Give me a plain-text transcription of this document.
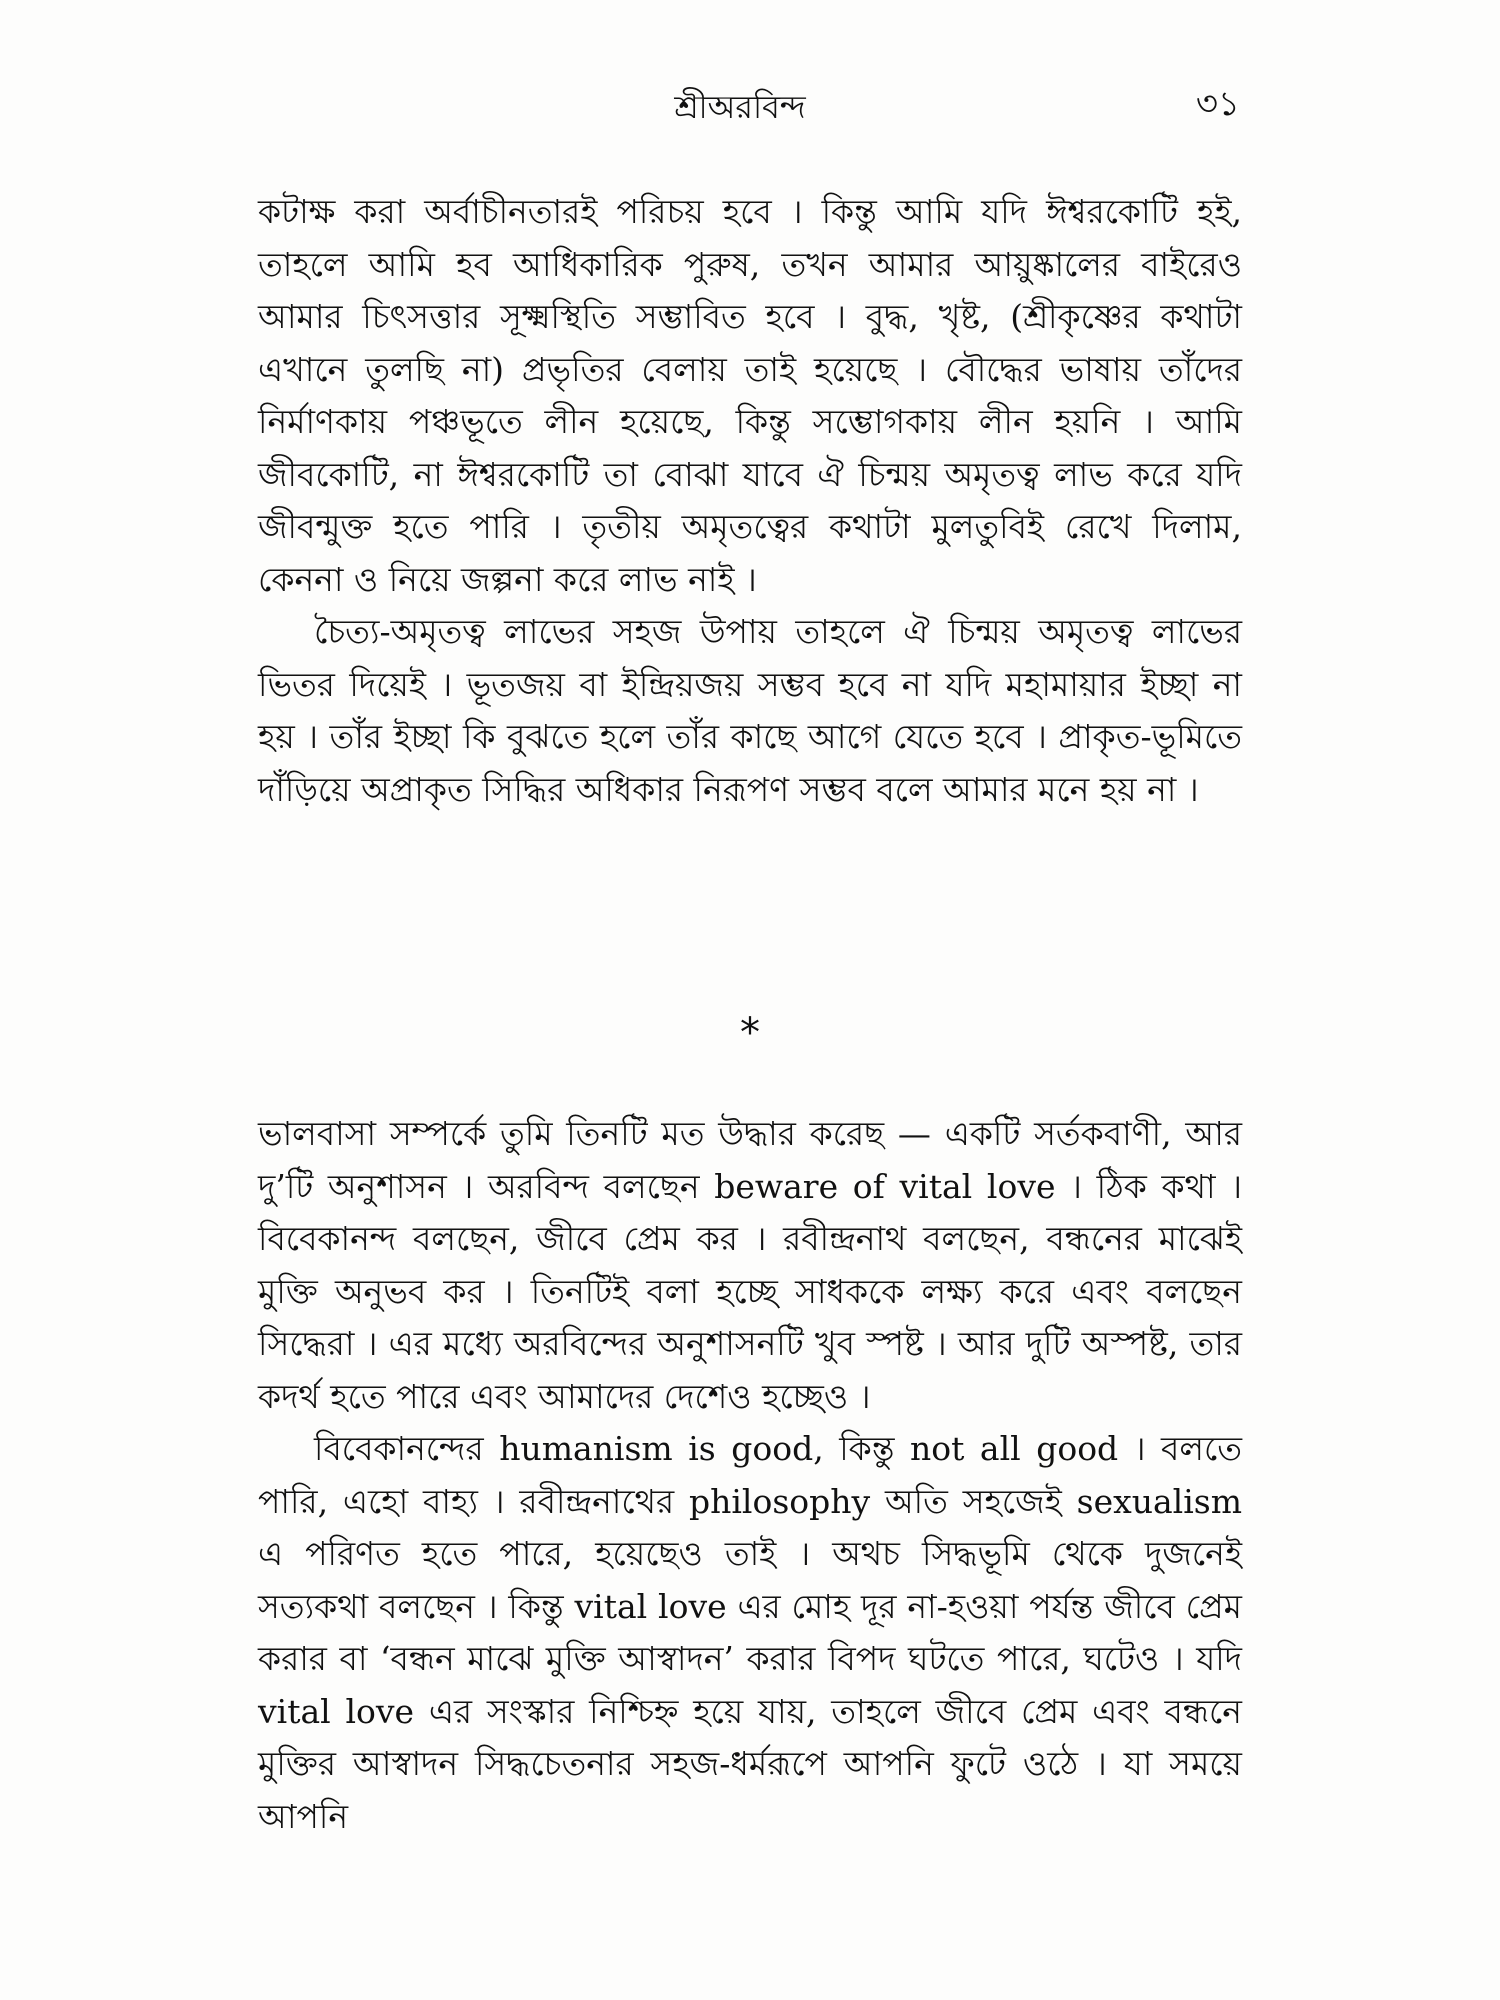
শ্রীঅরবিন্দ	৩১

কটাক্ষ করা অর্বাচীনতারই পরিচয় হবে । কিন্তু আমি যদি ঈশ্বরকোটি হই, তাহলে আমি হব আধিকারিক পুরুষ, তখন আমার আয়ুষ্কালের বাইরেও আমার চিৎসত্তার সূক্ষ্মস্থিতি সম্ভাবিত হবে । বুদ্ধ, খৃষ্ট, (শ্রীকৃষ্ণের কথাটা এখানে তুলছি না) প্রভৃতির বেলায় তাই হয়েছে । বৌদ্ধের ভাষায় তাঁদের নির্মাণকায় পঞ্চভূতে লীন হয়েছে, কিন্তু সম্ভোগকায় লীন হয়নি । আমি জীবকোটি, না ঈশ্বরকোটি তা বোঝা যাবে ঐ চিন্ময় অমৃতত্ব লাভ করে যদি জীবন্মুক্ত হতে পারি । তৃতীয় অমৃতত্বের কথাটা মুলতুবিই রেখে দিলাম, কেননা ও নিয়ে জল্পনা করে লাভ নাই ।

চৈত্য-অমৃতত্ব লাভের সহজ উপায় তাহলে ঐ চিন্ময় অমৃতত্ব লাভের ভিতর দিয়েই । ভূতজয় বা ইন্দ্রিয়জয় সম্ভব হবে না যদি মহামায়ার ইচ্ছা না হয় । তাঁর ইচ্ছা কি বুঝতে হলে তাঁর কাছে আগে যেতে হবে । প্রাকৃত-ভূমিতে দাঁড়িয়ে অপ্রাকৃত সিদ্ধির অধিকার নিরূপণ সম্ভব বলে আমার মনে হয় না ।

*

ভালবাসা সম্পর্কে তুমি তিনটি মত উদ্ধার করেছ — একটি সর্তকবাণী, আর দু’টি অনুশাসন । অরবিন্দ বলছেন beware of vital love । ঠিক কথা । বিবেকানন্দ বলছেন, জীবে প্রেম কর । রবীন্দ্রনাথ বলছেন, বন্ধনের মাঝেই মুক্তি অনুভব কর । তিনটিই বলা হচ্ছে সাধককে লক্ষ্য করে এবং বলছেন সিদ্ধেরা । এর মধ্যে অরবিন্দের অনুশাসনটি খুব স্পষ্ট । আর দুটি অস্পষ্ট, তার কদর্থ হতে পারে এবং আমাদের দেশেও হচ্ছেও ।

বিবেকানন্দের humanism is good, কিন্তু not all good । বলতে পারি, এহো বাহ্য । রবীন্দ্রনাথের philosophy অতি সহজেই sexualism এ পরিণত হতে পারে, হয়েছেও তাই । অথচ সিদ্ধভূমি থেকে দুজনেই সত্যকথা বলছেন । কিন্তু vital love এর মোহ দূর না-হওয়া পর্যন্ত জীবে প্রেম করার বা ‘বন্ধন মাঝে মুক্তি আস্বাদন’ করার বিপদ ঘটতে পারে, ঘটেও । যদি vital love এর সংস্কার নিশ্চিহ্ন হয়ে যায়, তাহলে জীবে প্রেম এবং বন্ধনে মুক্তির আস্বাদন সিদ্ধচেতনার সহজ-ধর্মরূপে আপনি ফুটে ওঠে । যা সময়ে আপনি
